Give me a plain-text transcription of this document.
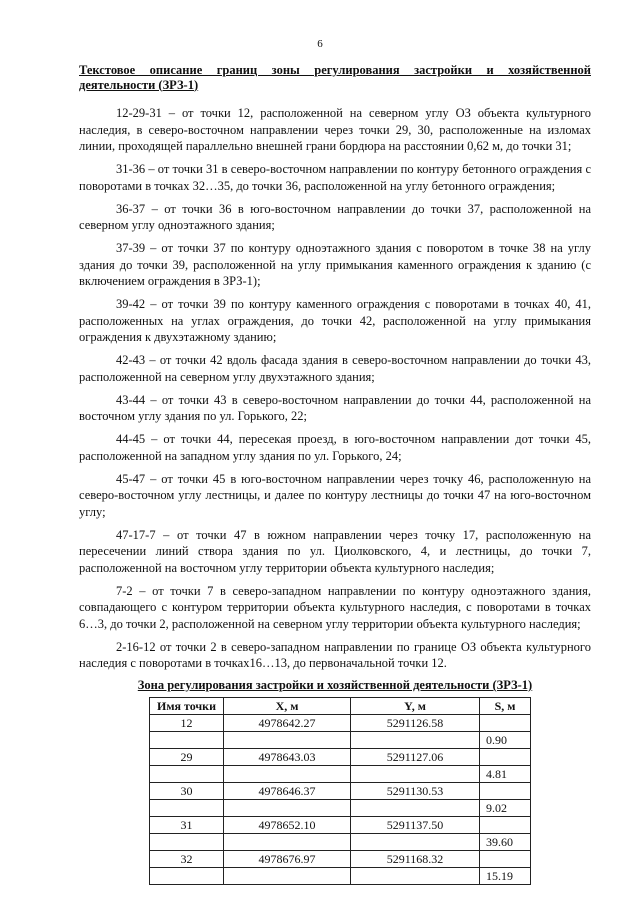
6
Текстовое описание границ зоны регулирования застройки и хозяйственной
деятельности (ЗРЗ-1)

12-29-31 – от точки 12, расположенной на северном углу ОЗ объекта культурного наследия, в северо-восточном направлении через точки 29, 30, расположенные на изломах линии, проходящей параллельно внешней грани бордюра на расстоянии 0,62 м, до точки 31;

31-36 – от точки 31 в северо-восточном направлении по контуру бетонного ограждения с поворотами в точках 32…35, до точки 36, расположенной на углу бетонного ограждения;

36-37 – от точки 36 в юго-восточном направлении до точки 37, расположенной на северном углу одноэтажного здания;

37-39 – от точки 37 по контуру одноэтажного здания с поворотом в точке 38 на углу здания до точки 39, расположенной на углу примыкания каменного ограждения к зданию (с включением ограждения в ЗРЗ-1);

39-42 – от точки 39 по контуру каменного ограждения с поворотами в точках 40, 41, расположенных на углах ограждения, до точки 42, расположенной на углу примыкания ограждения к двухэтажному зданию;

42-43 – от точки 42 вдоль фасада здания в северо-восточном направлении до точки 43, расположенной на северном углу двухэтажного здания;

43-44 – от точки 43 в северо-восточном направлении до точки 44, расположенной на восточном углу здания по ул. Горького, 22;

44-45 – от точки 44, пересекая проезд, в юго-восточном направлении дот точки 45, расположенной на западном углу здания по ул. Горького, 24;

45-47 – от точки 45 в юго-восточном направлении через точку 46, расположенную на северо-восточном углу лестницы, и далее по контуру лестницы до точки 47 на юго-восточном углу;

47-17-7 – от точки 47 в южном направлении через точку 17, расположенную на пересечении линий створа здания по ул. Циолковского, 4, и лестницы, до точки 7, расположенной на восточном углу территории объекта культурного наследия;

7-2 – от точки 7 в северо-западном направлении по контуру одноэтажного здания, совпадающего с контуром территории объекта культурного наследия, с поворотами в точках 6…3, до точки 2, расположенной на северном углу территории объекта культурного наследия;

2-16-12 от точки 2 в северо-западном направлении по границе ОЗ объекта культурного наследия с поворотами в точках16…13, до первоначальной точки 12.

Зона регулирования застройки и хозяйственной деятельности (ЗРЗ-1)
Имя точки	X, м	Y, м	S, м
12	4978642.27	5291126.58	
			0.90
29	4978643.03	5291127.06	
			4.81
30	4978646.37	5291130.53	
			9.02
31	4978652.10	5291137.50	
			39.60
32	4978676.97	5291168.32	
			15.19
